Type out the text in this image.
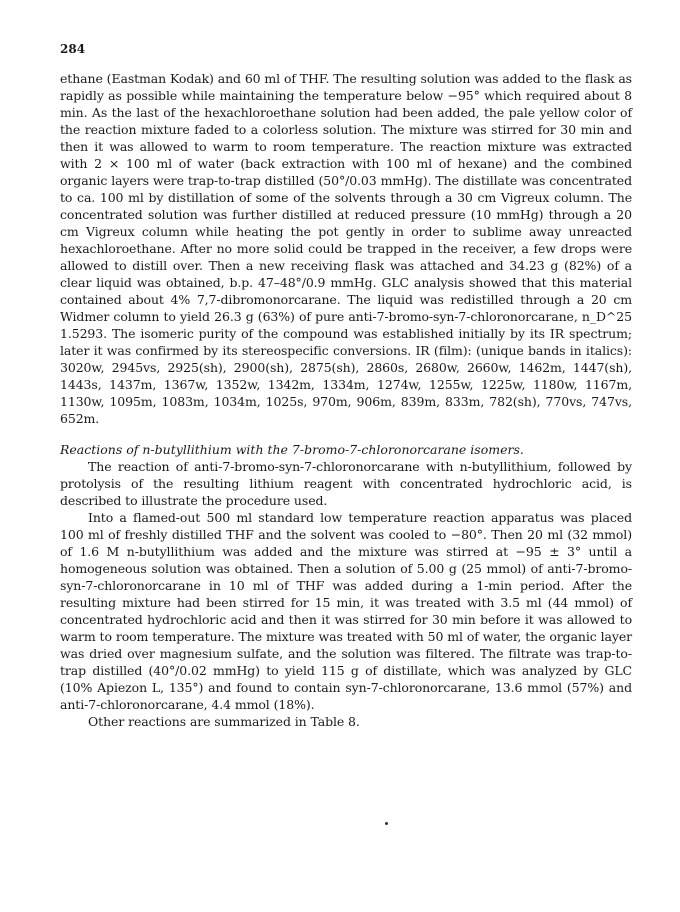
284

ethane (Eastman Kodak) and 60 ml of THF. The resulting solution was added to the flask as rapidly as possible while maintaining the temperature below −95° which required about 8 min. As the last of the hexachloroethane solution had been added, the pale yellow color of the reaction mixture faded to a colorless solution. The mixture was stirred for 30 min and then it was allowed to warm to room temperature. The reaction mixture was extracted with 2 × 100 ml of water (back extraction with 100 ml of hexane) and the combined organic layers were trap-to-trap distilled (50°/0.03 mmHg). The distillate was concentrated to ca. 100 ml by distillation of some of the solvents through a 30 cm Vigreux column. The concentrated solution was further distilled at reduced pressure (10 mmHg) through a 20 cm Vigreux column while heating the pot gently in order to sublime away unreacted hexachloroethane. After no more solid could be trapped in the receiver, a few drops were allowed to distill over. Then a new receiving flask was attached and 34.23 g (82%) of a clear liquid was obtained, b.p. 47–48°/0.9 mmHg. GLC analysis showed that this material contained about 4% 7,7-dibromonorcarane. The liquid was redistilled through a 20 cm Widmer column to yield 26.3 g (63%) of pure anti-7-bromo-syn-7-chloronorcarane, n_D^25 1.5293. The isomeric purity of the compound was established initially by its IR spectrum; later it was confirmed by its stereospecific conversions. IR (film): (unique bands in italics): 3020w, 2945vs, 2925(sh), 2900(sh), 2875(sh), 2860s, 2680w, 2660w, 1462m, 1447(sh), 1443s, 1437m, 1367w, 1352w, 1342m, 1334m, 1274w, 1255w, 1225w, 1180w, 1167m, 1130w, 1095m, 1083m, 1034m, 1025s, 970m, 906m, 839m, 833m, 782(sh), 770vs, 747vs, 652m.

Reactions of n-butyllithium with the 7-bromo-7-chloronorcarane isomers.

The reaction of anti-7-bromo-syn-7-chloronorcarane with n-butyllithium, followed by protolysis of the resulting lithium reagent with concentrated hydrochloric acid, is described to illustrate the procedure used.

Into a flamed-out 500 ml standard low temperature reaction apparatus was placed 100 ml of freshly distilled THF and the solvent was cooled to −80°. Then 20 ml (32 mmol) of 1.6 M n-butyllithium was added and the mixture was stirred at −95 ± 3° until a homogeneous solution was obtained. Then a solution of 5.00 g (25 mmol) of anti-7-bromo-syn-7-chloronorcarane in 10 ml of THF was added during a 1-min period. After the resulting mixture had been stirred for 15 min, it was treated with 3.5 ml (44 mmol) of concentrated hydrochloric acid and then it was stirred for 30 min before it was allowed to warm to room temperature. The mixture was treated with 50 ml of water, the organic layer was dried over magnesium sulfate, and the solution was filtered. The filtrate was trap-to-trap distilled (40°/0.02 mmHg) to yield 115 g of distillate, which was analyzed by GLC (10% Apiezon L, 135°) and found to contain syn-7-chloronorcarane, 13.6 mmol (57%) and anti-7-chloronorcarane, 4.4 mmol (18%).

Other reactions are summarized in Table 8.
